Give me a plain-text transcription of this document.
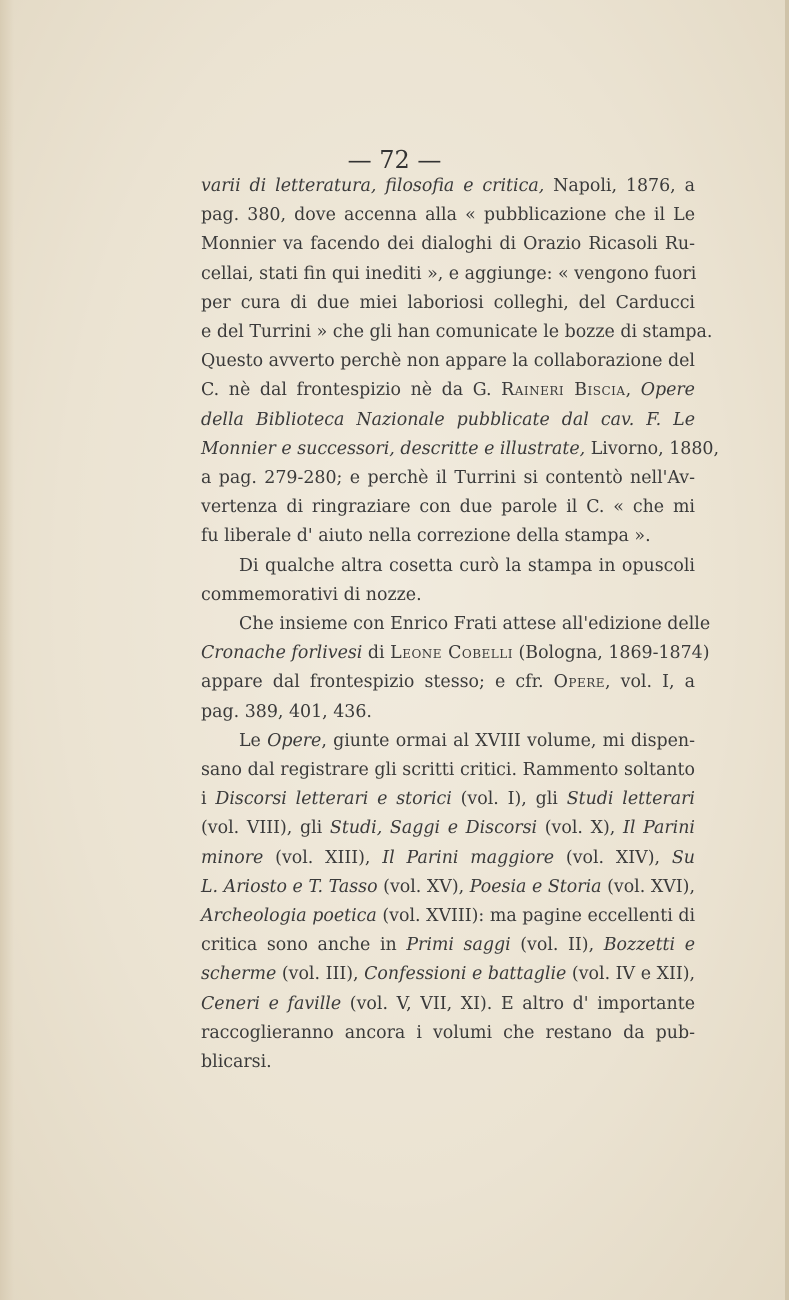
— 72 —
varii di letteratura, filosofia e critica, Napoli, 1876, a
pag. 380, dove accenna alla « pubblicazione che il Le
Monnier va facendo dei dialoghi di Orazio Ricasoli Ru-
cellai, stati fin qui inediti », e aggiunge: « vengono fuori
per cura di due miei laboriosi colleghi, del Carducci
e del Turrini » che gli han comunicate le bozze di stampa.
Questo avverto perchè non appare la collaborazione del
C. nè dal frontespizio nè da G. Raineri Biscia, Opere
della Biblioteca Nazionale pubblicate dal cav. F. Le
Monnier e successori, descritte e illustrate, Livorno, 1880,
a pag. 279-280; e perchè il Turrini si contentò nell'Av-
vertenza di ringraziare con due parole il C. « che mi
fu liberale d' aiuto nella correzione della stampa ».
Di qualche altra cosetta curò la stampa in opuscoli
commemorativi di nozze.
Che insieme con Enrico Frati attese all'edizione delle
Cronache forlivesi di Leone Cobelli (Bologna, 1869-1874)
appare dal frontespizio stesso; e cfr. Opere, vol. I, a
pag. 389, 401, 436.
Le Opere, giunte ormai al XVIII volume, mi dispen-
sano dal registrare gli scritti critici. Rammento soltanto
i Discorsi letterari e storici (vol. I), gli Studi letterari
(vol. VIII), gli Studi, Saggi e Discorsi (vol. X), Il Parini
minore (vol. XIII), Il Parini maggiore (vol. XIV), Su
L. Ariosto e T. Tasso (vol. XV), Poesia e Storia (vol. XVI),
Archeologia poetica (vol. XVIII): ma pagine eccellenti di
critica sono anche in Primi saggi (vol. II), Bozzetti e
scherme (vol. III), Confessioni e battaglie (vol. IV e XII),
Ceneri e faville (vol. V, VII, XI). E altro d' importante
raccoglieranno ancora i volumi che restano da pub-
blicarsi.
